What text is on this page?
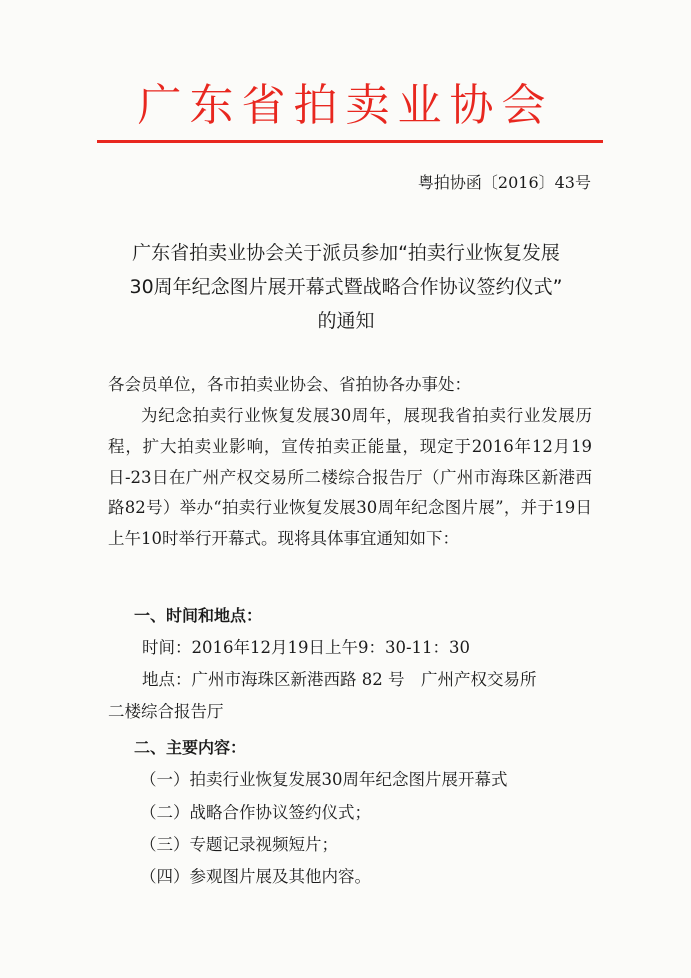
广东省拍卖业协会
粤拍协函〔2016〕43号
广东省拍卖业协会关于派员参加“拍卖行业恢复发展
30周年纪念图片展开幕式暨战略合作协议签约仪式”
的通知
各会员单位，各市拍卖业协会、省拍协各办事处：
为纪念拍卖行业恢复发展30周年，展现我省拍卖行业发展历程，扩大拍卖业影响，宣传拍卖正能量，现定于2016年12月19日-23日在广州产权交易所二楼综合报告厅（广州市海珠区新港西路82号）举办“拍卖行业恢复发展30周年纪念图片展”，并于19日上午10时举行开幕式。现将具体事宜通知如下：
一、时间和地点：
时间：2016年12月19日上午9：30-11：30
地点：广州市海珠区新港西路 82 号　广州产权交易所
二楼综合报告厅
二、主要内容：
（一）拍卖行业恢复发展30周年纪念图片展开幕式
（二）战略合作协议签约仪式；
（三）专题记录视频短片；
（四）参观图片展及其他内容。
